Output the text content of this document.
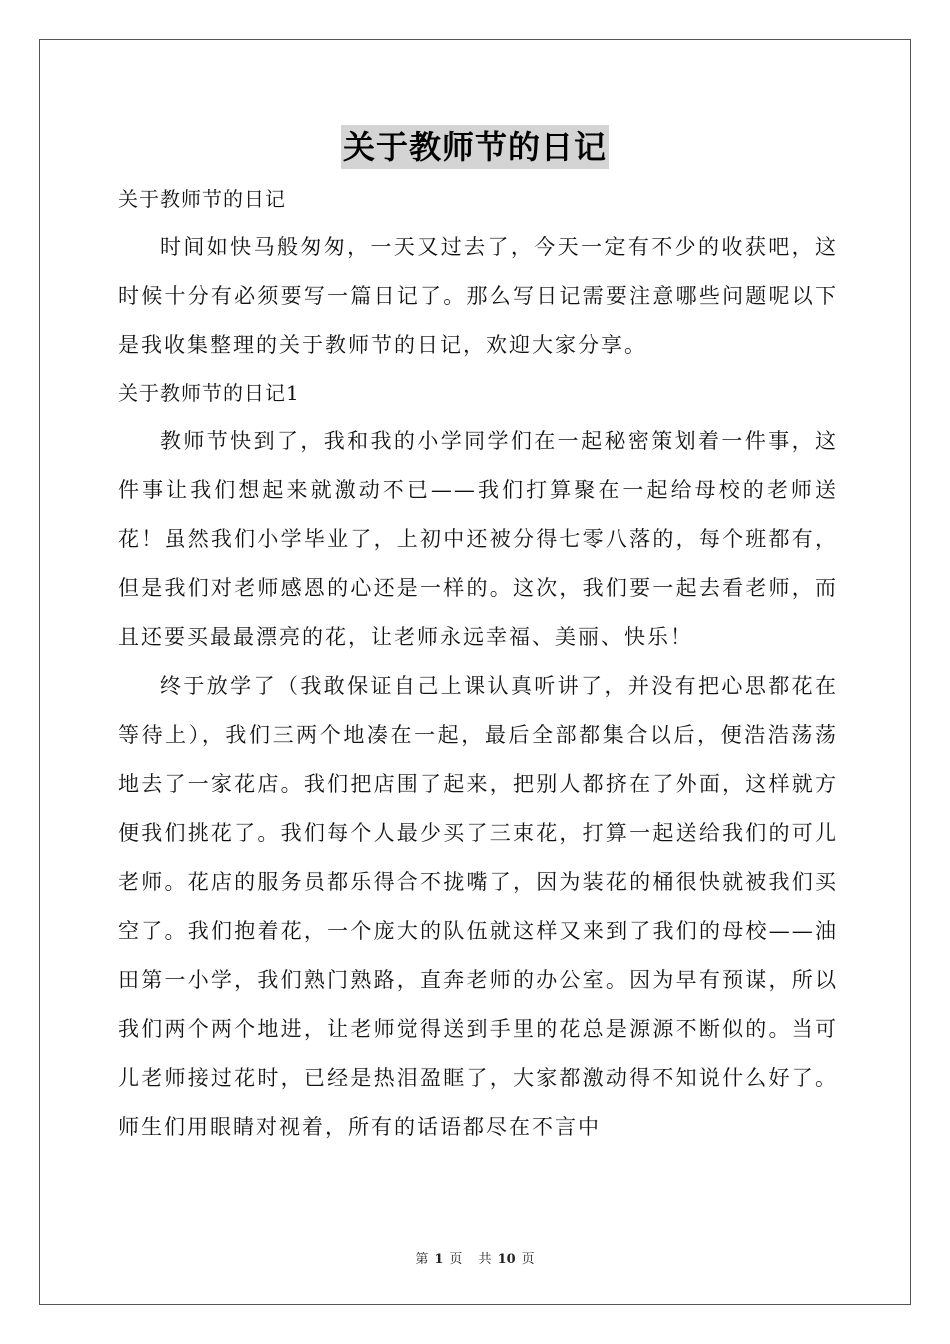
关于教师节的日记

关于教师节的日记

时间如快马般匆匆，一天又过去了，今天一定有不少的收获吧，这时候十分有必须要写一篇日记了。那么写日记需要注意哪些问题呢以下是我收集整理的关于教师节的日记，欢迎大家分享。

关于教师节的日记1

教师节快到了，我和我的小学同学们在一起秘密策划着一件事，这件事让我们想起来就激动不已——我们打算聚在一起给母校的老师送花！虽然我们小学毕业了，上初中还被分得七零八落的，每个班都有，但是我们对老师感恩的心还是一样的。这次，我们要一起去看老师，而且还要买最最漂亮的花，让老师永远幸福、美丽、快乐！

终于放学了（我敢保证自己上课认真听讲了，并没有把心思都花在等待上），我们三两个地凑在一起，最后全部都集合以后，便浩浩荡荡地去了一家花店。我们把店围了起来，把别人都挤在了外面，这样就方便我们挑花了。我们每个人最少买了三束花，打算一起送给我们的可儿老师。花店的服务员都乐得合不拢嘴了，因为装花的桶很快就被我们买空了。我们抱着花，一个庞大的队伍就这样又来到了我们的母校——油田第一小学，我们熟门熟路，直奔老师的办公室。因为早有预谋，所以我们两个两个地进，让老师觉得送到手里的花总是源源不断似的。当可儿老师接过花时，已经是热泪盈眶了，大家都激动得不知说什么好了。师生们用眼睛对视着，所有的话语都尽在不言中

第 1 页 共 10 页
